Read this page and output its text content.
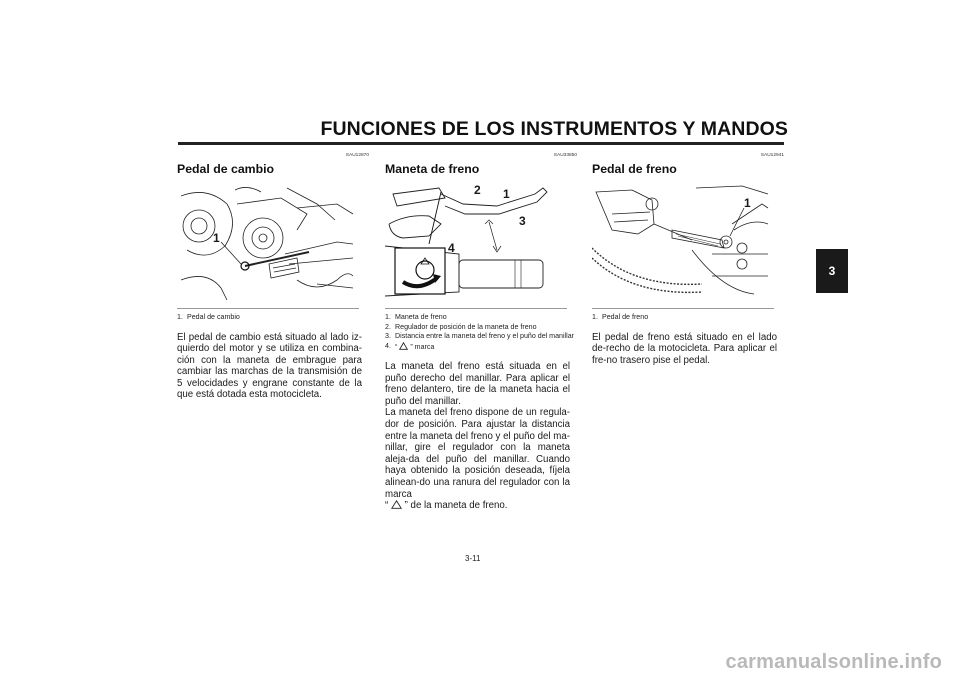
FUNCIONES DE LOS INSTRUMENTOS Y MANDOS
3
SAU12870
Pedal de cambio
1
1. Pedal de cambio

El pedal de cambio está situado al lado iz-quierdo del motor y se utiliza en combina-ción con la maneta de embrague para cambiar las marchas de la transmisión de 5 velocidades y engrane constante de la que está dotada esta motocicleta.

SAU33850
Maneta de freno
2 1
3
4
1. Maneta de freno
2. Regulador de posición de la maneta de freno
3. Distancia entre la maneta del freno y el puño del manillar
4. “ ” marca

La maneta del freno está situada en el puño derecho del manillar. Para aplicar el freno delantero, tire de la maneta hacia el puño del manillar.

La maneta del freno dispone de un regula-dor de posición. Para ajustar la distancia entre la maneta del freno y el puño del ma-nillar, gire el regulador con la maneta aleja-da del puño del manillar. Cuando haya obtenido la posición deseada, fíjela alinean-do una ranura del regulador con la marca

“ ” de la maneta de freno.

SAU12941
Pedal de freno
1
1. Pedal de freno

El pedal de freno está situado en el lado de-recho de la motocicleta. Para aplicar el fre-no trasero pise el pedal.

3-11
carmanualsonline.info
